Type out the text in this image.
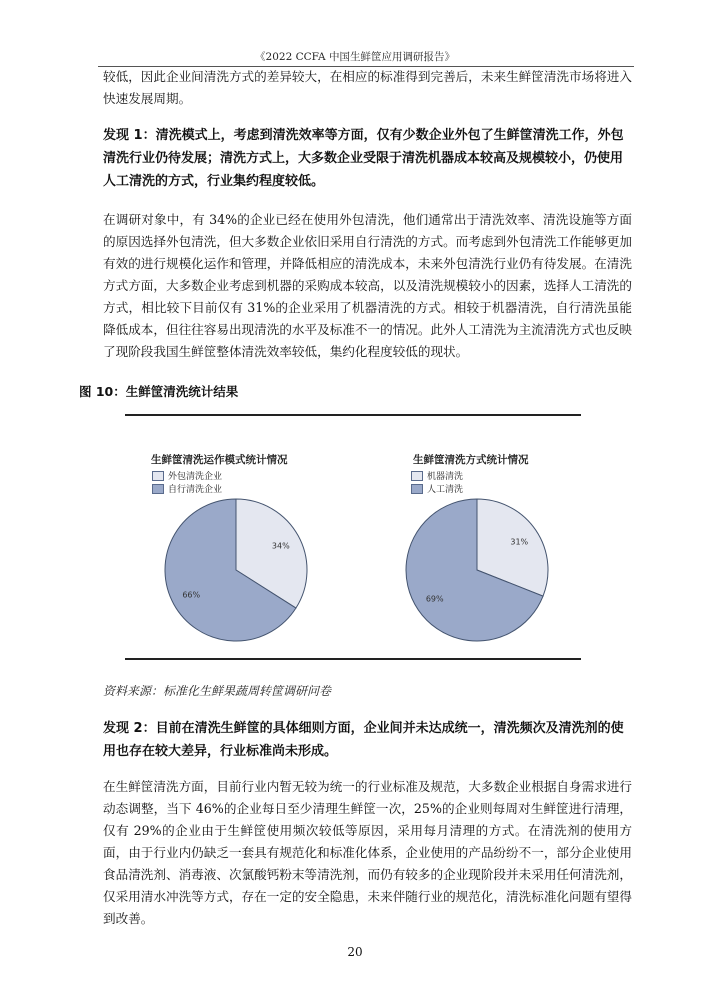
《2022 CCFA 中国生鲜筐应用调研报告》

较低，因此企业间清洗方式的差异较大，在相应的标准得到完善后，未来生鲜筐清洗市场将进入快速发展周期。

发现 1：清洗模式上，考虑到清洗效率等方面，仅有少数企业外包了生鲜筐清洗工作，外包清洗行业仍待发展；清洗方式上，大多数企业受限于清洗机器成本较高及规模较小，仍使用人工清洗的方式，行业集约程度较低。

在调研对象中，有 34%的企业已经在使用外包清洗，他们通常出于清洗效率、清洗设施等方面的原因选择外包清洗，但大多数企业依旧采用自行清洗的方式。而考虑到外包清洗工作能够更加有效的进行规模化运作和管理，并降低相应的清洗成本，未来外包清洗行业仍有待发展。在清洗方式方面，大多数企业考虑到机器的采购成本较高，以及清洗规模较小的因素，选择人工清洗的方式，相比较下目前仅有 31%的企业采用了机器清洗的方式。相较于机器清洗，自行清洗虽能降低成本，但往往容易出现清洗的水平及标准不一的情况。此外人工清洗为主流清洗方式也反映了现阶段我国生鲜筐整体清洗效率较低，集约化程度较低的现状。

图 10：生鲜筐清洗统计结果
生鲜筐清洗运作模式统计情况
外包清洗企业
自行清洗企业
34%
66%
生鲜筐清洗方式统计情况
机器清洗
人工清洗
31%
69%
资料来源：标准化生鲜果蔬周转筐调研问卷

发现 2：目前在清洗生鲜筐的具体细则方面，企业间并未达成统一，清洗频次及清洗剂的使用也存在较大差异，行业标准尚未形成。

在生鲜筐清洗方面，目前行业内暂无较为统一的行业标准及规范，大多数企业根据自身需求进行动态调整，当下 46%的企业每日至少清理生鲜筐一次，25%的企业则每周对生鲜筐进行清理，仅有 29%的企业由于生鲜筐使用频次较低等原因，采用每月清理的方式。在清洗剂的使用方面，由于行业内仍缺乏一套具有规范化和标准化体系，企业使用的产品纷纷不一，部分企业使用食品清洗剂、消毒液、次氯酸钙粉末等清洗剂，而仍有较多的企业现阶段并未采用任何清洗剂，仅采用清水冲洗等方式，存在一定的安全隐患，未来伴随行业的规范化，清洗标准化问题有望得到改善。

20
